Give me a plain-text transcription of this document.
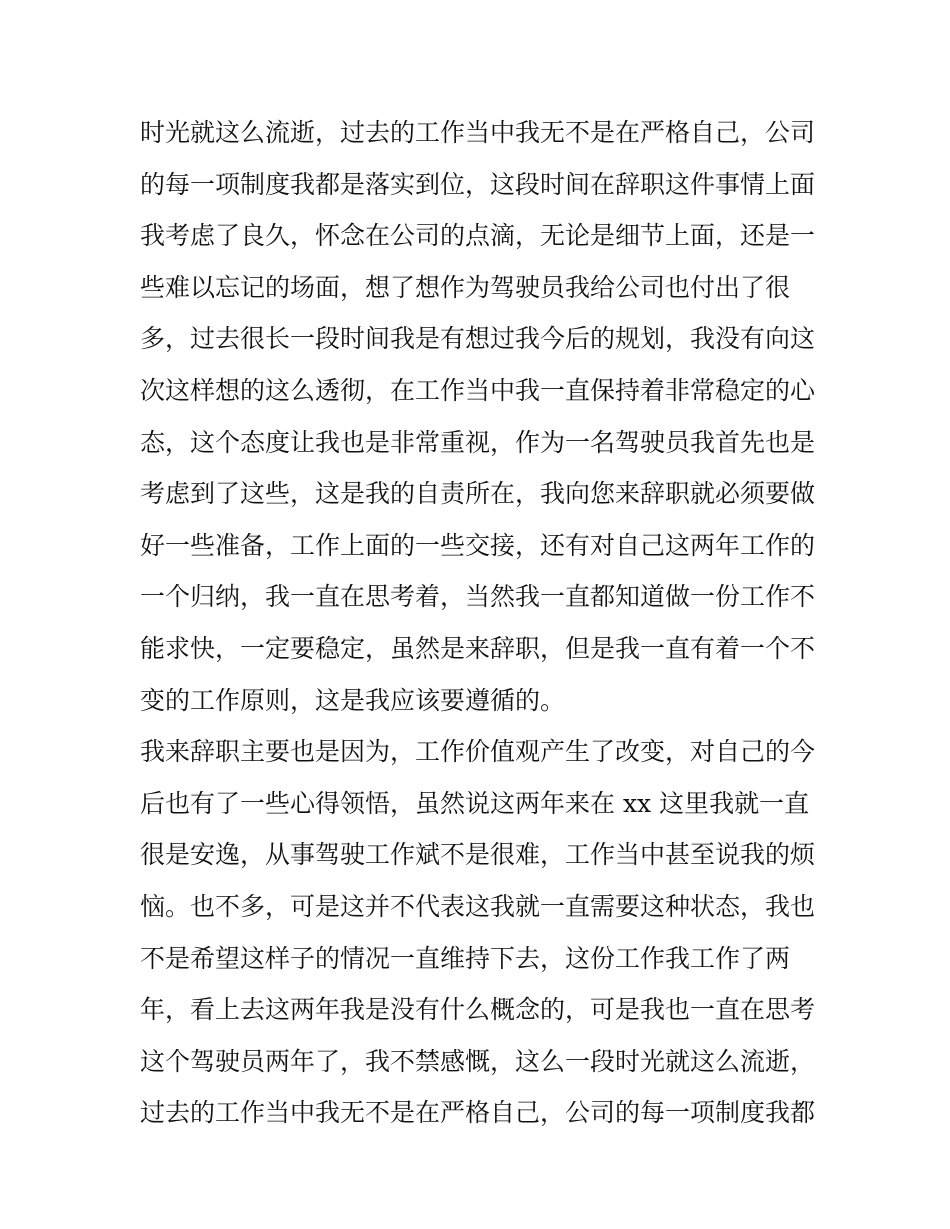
时光就这么流逝，过去的工作当中我无不是在严格自己，公司
的每一项制度我都是落实到位，这段时间在辞职这件事情上面
我考虑了良久，怀念在公司的点滴，无论是细节上面，还是一
些难以忘记的场面，想了想作为驾驶员我给公司也付出了很
多，过去很长一段时间我是有想过我今后的规划，我没有向这
次这样想的这么透彻，在工作当中我一直保持着非常稳定的心
态，这个态度让我也是非常重视，作为一名驾驶员我首先也是
考虑到了这些，这是我的自责所在，我向您来辞职就必须要做
好一些准备，工作上面的一些交接，还有对自己这两年工作的
一个归纳，我一直在思考着，当然我一直都知道做一份工作不
能求快，一定要稳定，虽然是来辞职，但是我一直有着一个不
变的工作原则，这是我应该要遵循的。
我来辞职主要也是因为，工作价值观产生了改变，对自己的今
后也有了一些心得领悟，虽然说这两年来在 xx 这里我就一直
很是安逸，从事驾驶工作斌不是很难，工作当中甚至说我的烦
恼。也不多，可是这并不代表这我就一直需要这种状态，我也
不是希望这样子的情况一直维持下去，这份工作我工作了两
年，看上去这两年我是没有什么概念的，可是我也一直在思考
这个驾驶员两年了，我不禁感慨，这么一段时光就这么流逝，
过去的工作当中我无不是在严格自己，公司的每一项制度我都
